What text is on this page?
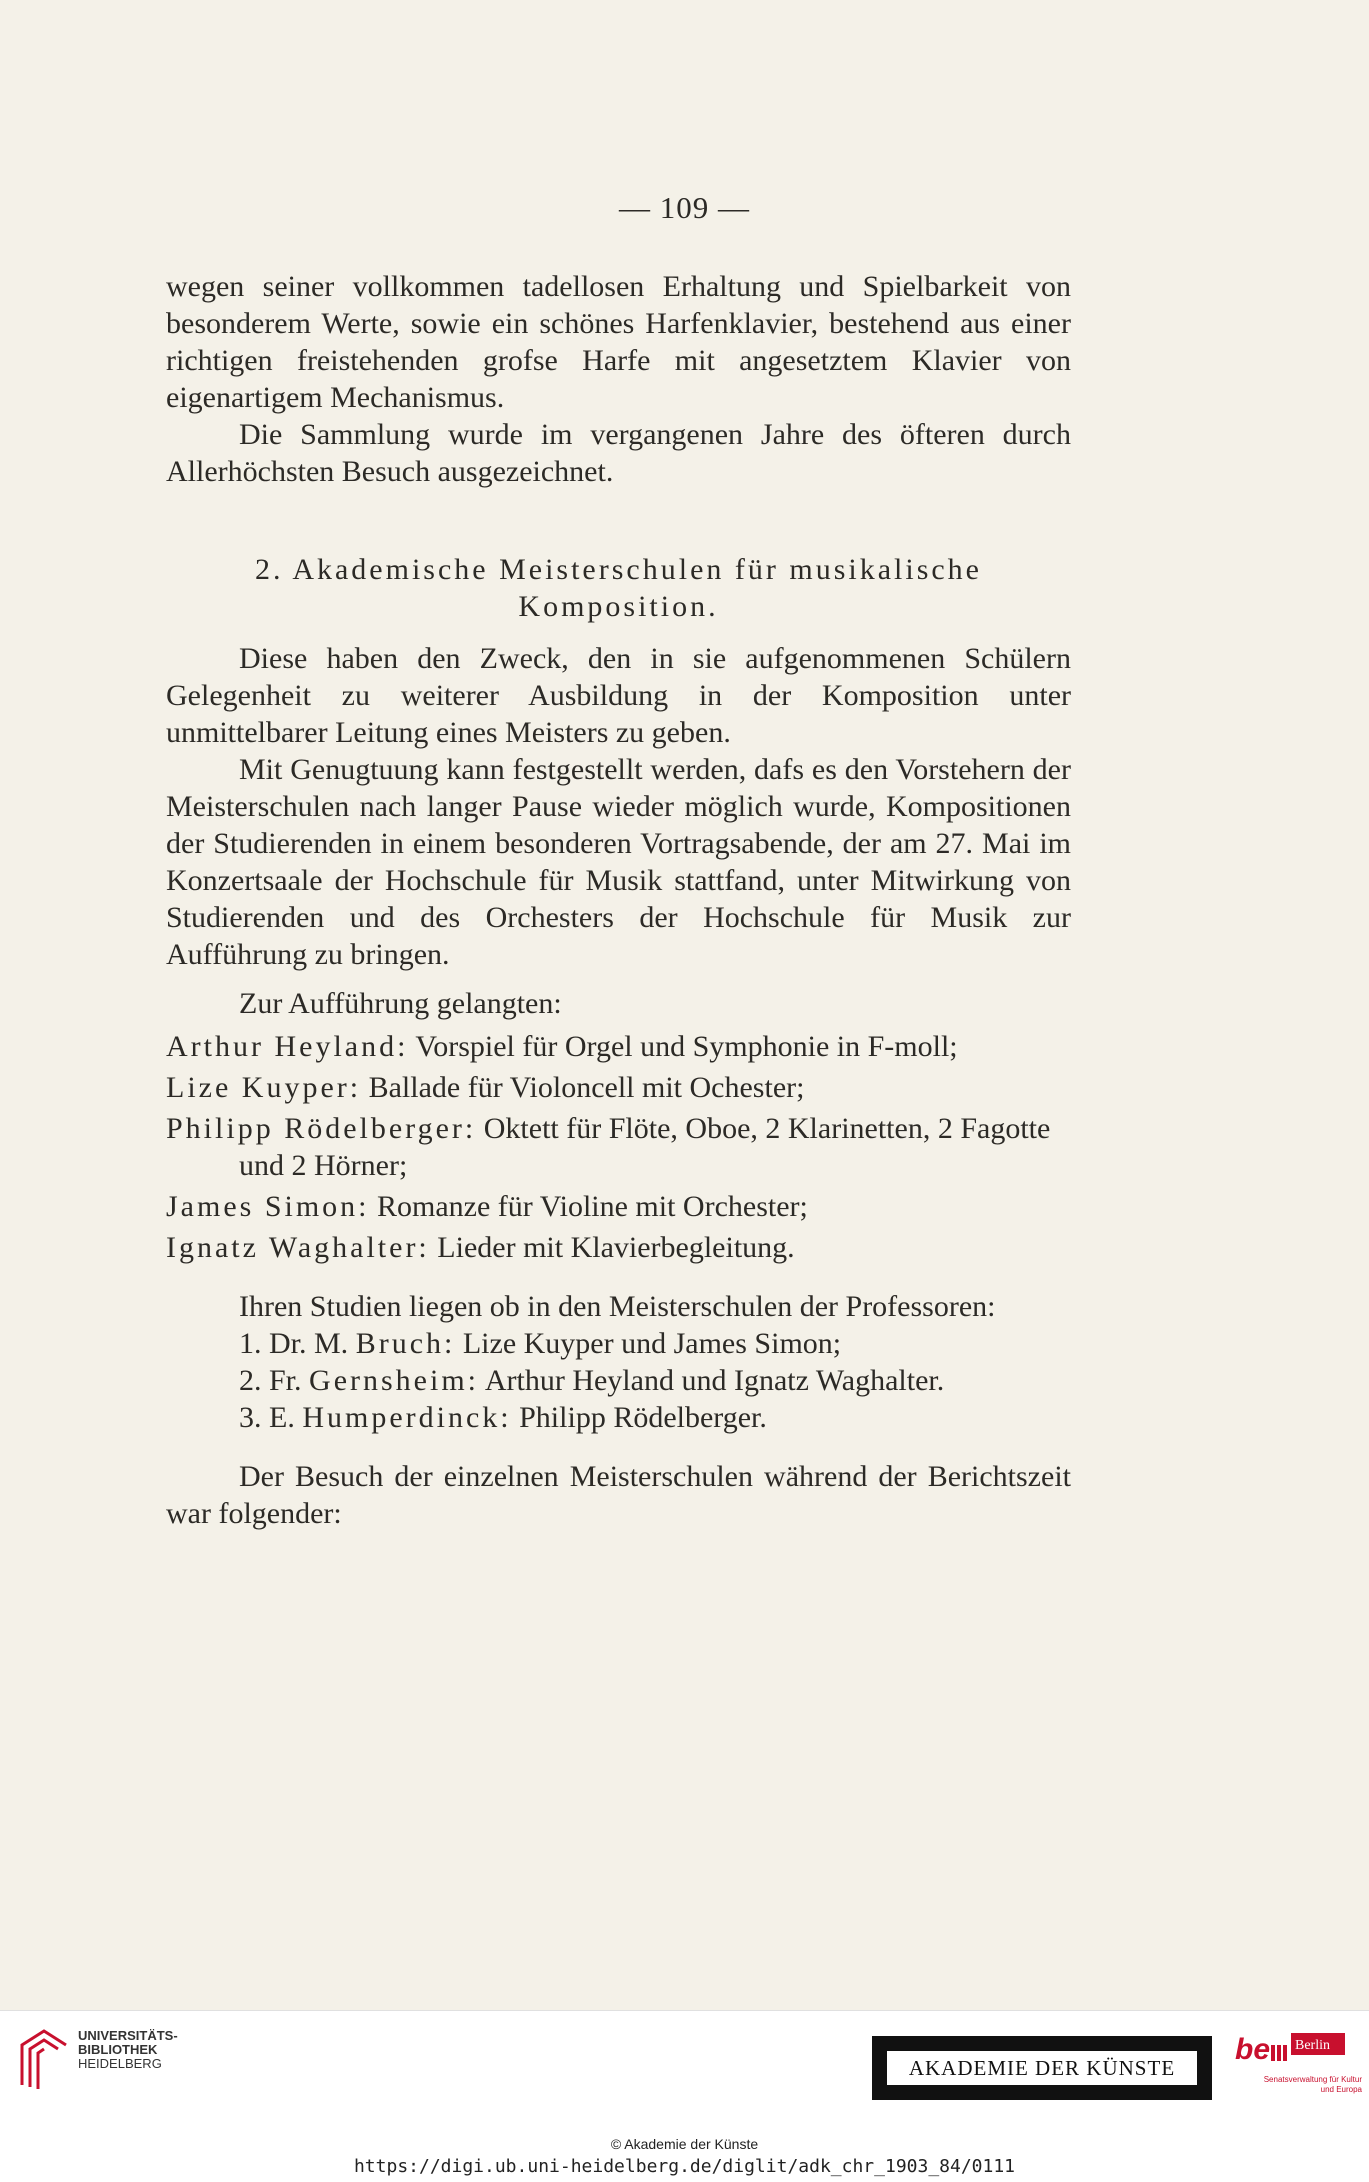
— 109 —

wegen seiner vollkommen tadellosen Erhaltung und Spielbarkeit von besonderem Werte, sowie ein schönes Harfenklavier, bestehend aus einer richtigen freistehenden grofse Harfe mit angesetztem Klavier von eigenartigem Mechanismus.

Die Sammlung wurde im vergangenen Jahre des öfteren durch Allerhöchsten Besuch ausgezeichnet.

2. Akademische Meisterschulen für musikalische
Komposition.

Diese haben den Zweck, den in sie aufgenommenen Schülern Gelegenheit zu weiterer Ausbildung in der Komposition unter unmittelbarer Leitung eines Meisters zu geben.

Mit Genugtuung kann festgestellt werden, dafs es den Vorstehern der Meisterschulen nach langer Pause wieder möglich wurde, Kompositionen der Studierenden in einem besonderen Vortragsabende, der am 27. Mai im Konzertsaale der Hochschule für Musik stattfand, unter Mitwirkung von Studierenden und des Orchesters der Hochschule für Musik zur Aufführung zu bringen.

Zur Aufführung gelangten:

Arthur Heyland: Vorspiel für Orgel und Symphonie in F-moll;

Lize Kuyper: Ballade für Violoncell mit Ochester;

Philipp Rödelberger: Oktett für Flöte, Oboe, 2 Klarinetten, 2 Fagotte und 2 Hörner;

James Simon: Romanze für Violine mit Orchester;

Ignatz Waghalter: Lieder mit Klavierbegleitung.

Ihren Studien liegen ob in den Meisterschulen der Professoren:

1. Dr. M. Bruch: Lize Kuyper und James Simon;

2. Fr. Gernsheim: Arthur Heyland und Ignatz Waghalter.

3. E. Humperdinck: Philipp Rödelberger.

Der Besuch der einzelnen Meisterschulen während der Berichtszeit war folgender:

UNIVERSITÄTS-
BIBLIOTHEK
HEIDELBERG	AKADEMIE DER KÜNSTE
be Berlin
Senatsverwaltung für Kultur und Europa
© Akademie der Künste
https://digi.ub.uni-heidelberg.de/diglit/adk_chr_1903_84/0111
